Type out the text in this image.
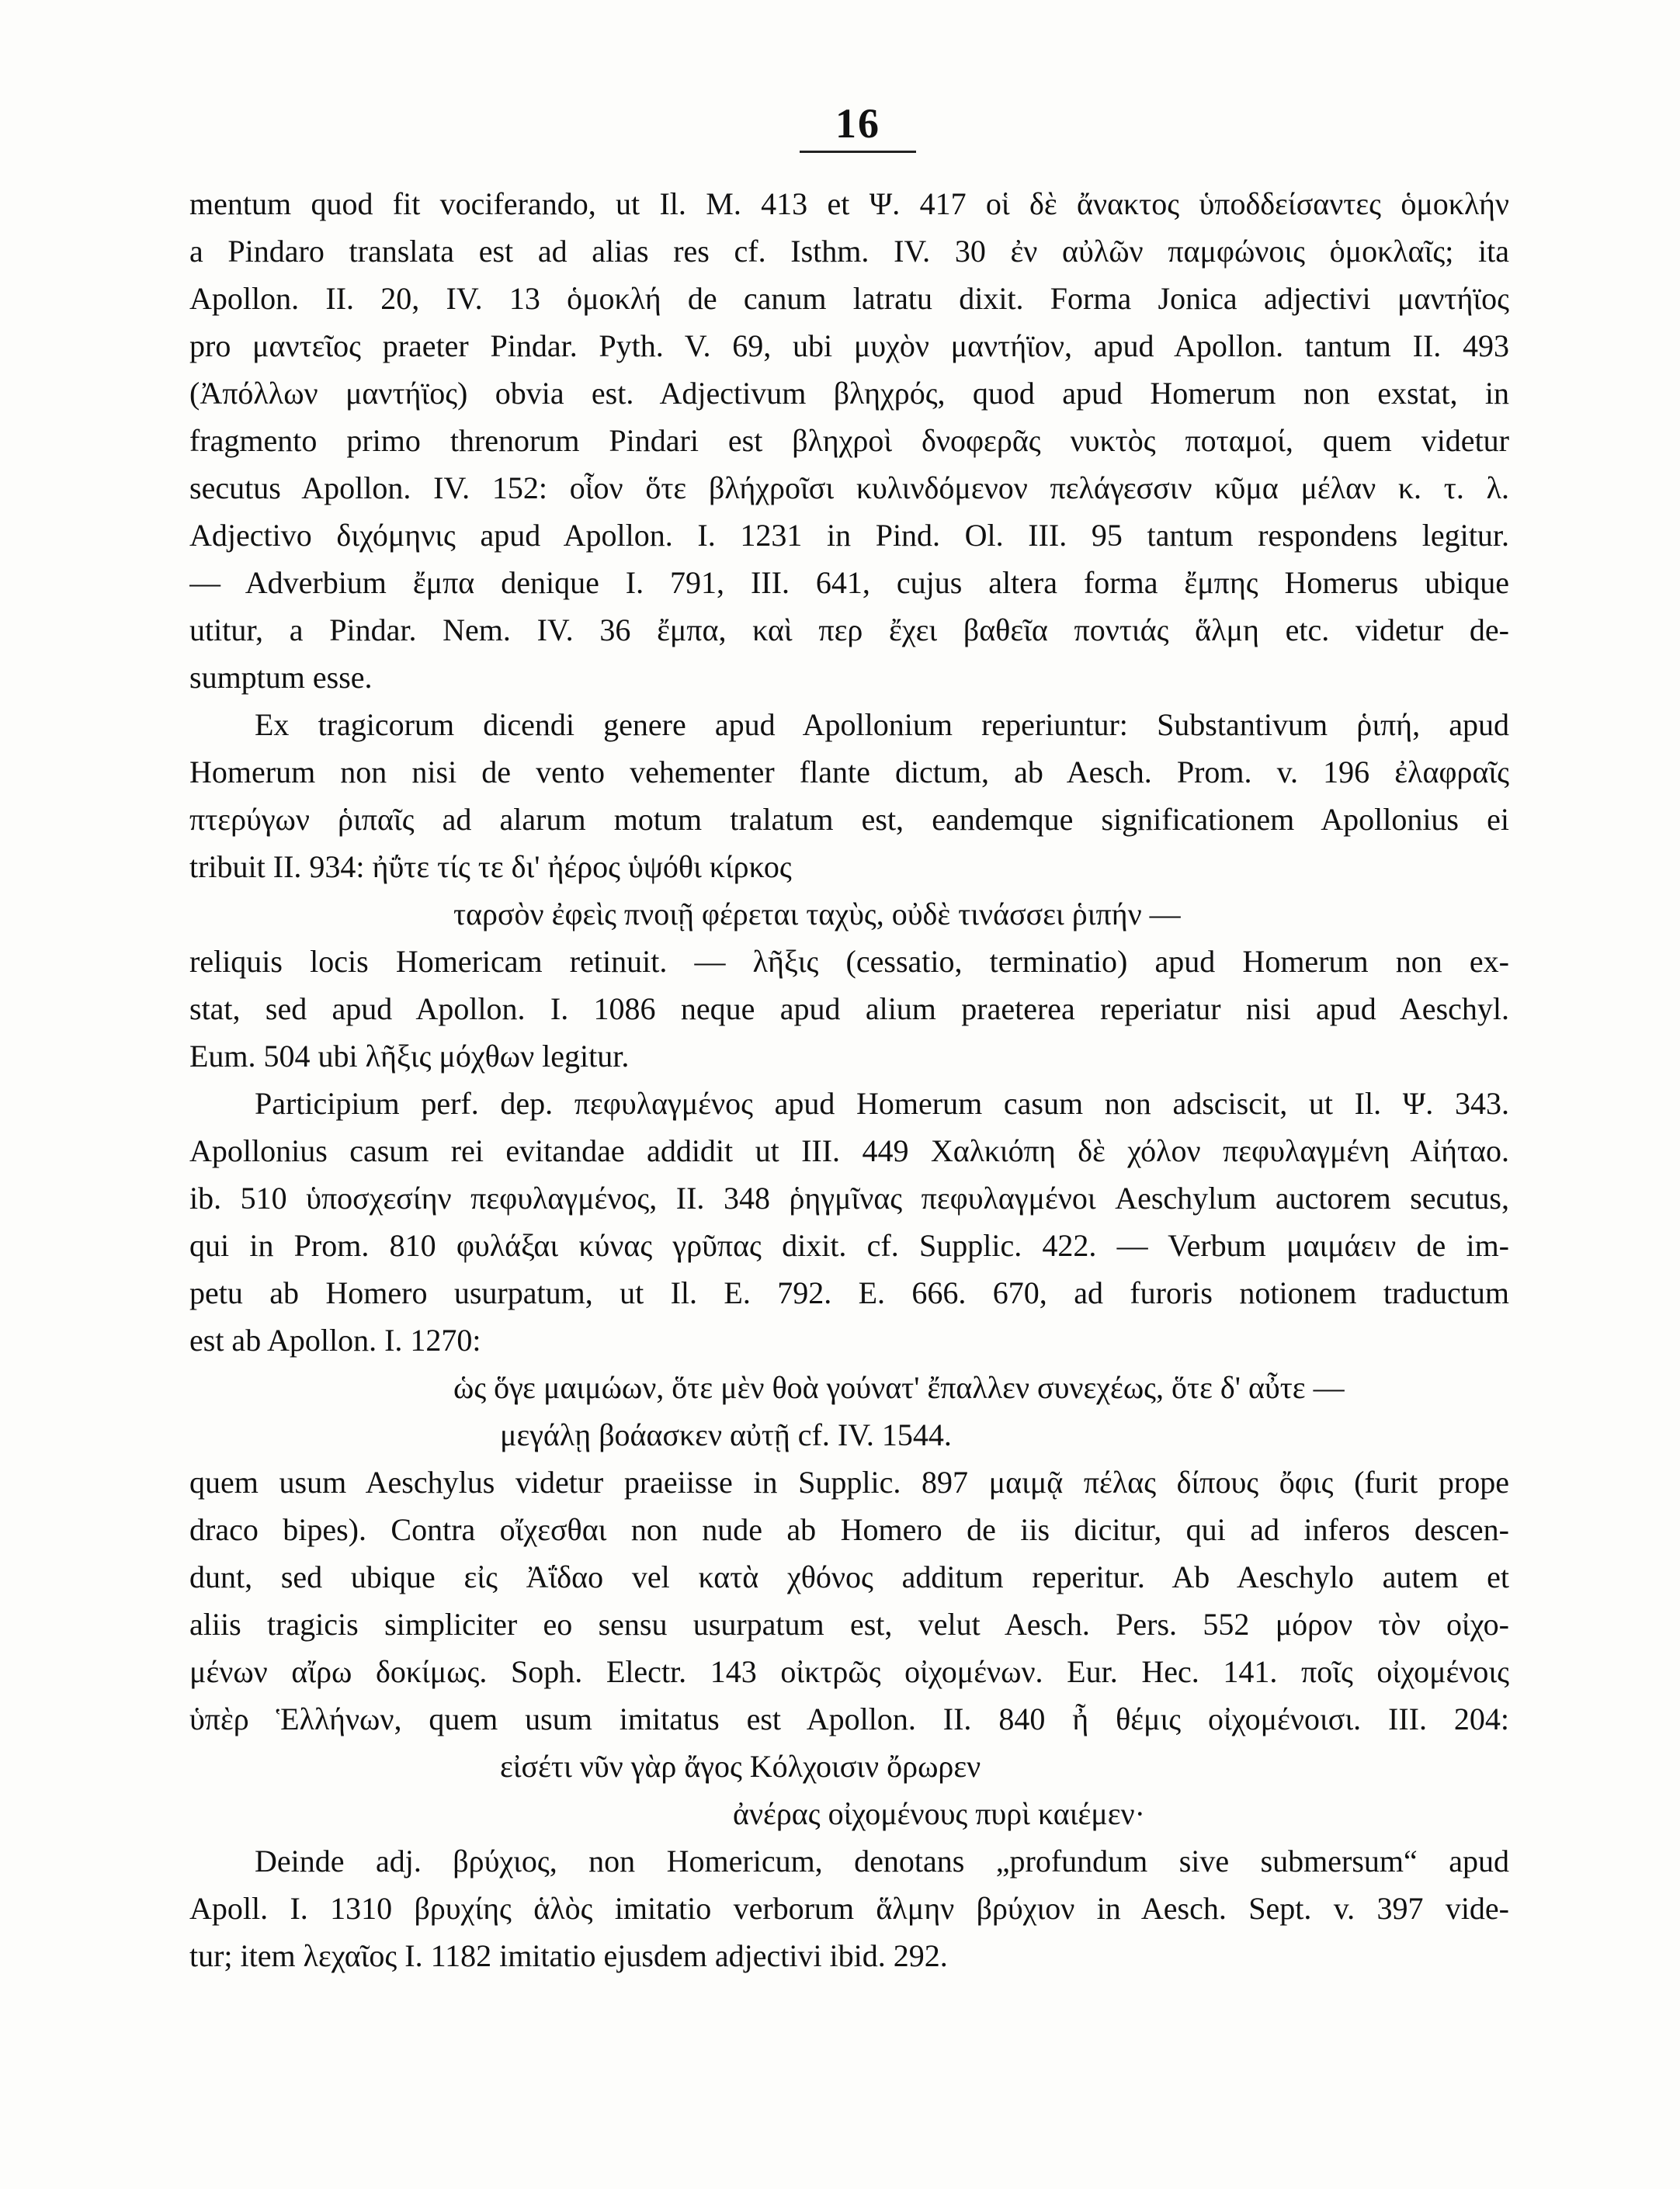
16
mentum quod fit vociferando, ut Il. M. 413 et Ψ. 417 οἱ δὲ ἄνακτος ὑποδδείσαντες ὁμοκλήν
a Pindaro translata est ad alias res cf. Isthm. IV. 30 ἐν αὐλῶν παμφώνοις ὁμοκλαῖς; ita
Apollon. II. 20, IV. 13 ὁμοκλή de canum latratu dixit. Forma Jonica adjectivi μαντήϊος
pro μαντεῖος praeter Pindar. Pyth. V. 69, ubi μυχὸν μαντήϊον, apud Apollon. tantum II. 493
(Ἀπόλλων μαντήϊος) obvia est. Adjectivum βληχρός, quod apud Homerum non exstat, in
fragmento primo threnorum Pindari est βληχροὶ δνοφερᾶς νυκτὸς ποταμοί, quem videtur
secutus Apollon. IV. 152: οἷον ὅτε βλήχροῖσι κυλινδόμενον πελάγεσσιν κῦμα μέλαν κ. τ. λ.
Adjectivo διχόμηνις apud Apollon. I. 1231 in Pind. Ol. III. 95 tantum respondens legitur.
— Adverbium ἔμπα denique I. 791, III. 641, cujus altera forma ἔμπης Homerus ubique
utitur, a Pindar. Nem. IV. 36 ἔμπα, καὶ περ ἔχει βαθεῖα ποντιάς ἅλμη etc. videtur de-
sumptum esse.
Ex tragicorum dicendi genere apud Apollonium reperiuntur: Substantivum ῥιπή, apud
Homerum non nisi de vento vehementer flante dictum, ab Aesch. Prom. v. 196 ἐλαφραῖς
πτερύγων ῥιπαῖς ad alarum motum tralatum est, eandemque significationem Apollonius ei
tribuit II. 934: ἠΰτε τίς τε δι' ἠέρος ὑψόθι κίρκος
ταρσὸν ἐφεὶς πνοιῇ φέρεται ταχὺς, οὐδὲ τινάσσει ῥιπήν —
reliquis locis Homericam retinuit. — λῆξις (cessatio, terminatio) apud Homerum non ex-
stat, sed apud Apollon. I. 1086 neque apud alium praeterea reperiatur nisi apud Aeschyl.
Eum. 504 ubi λῆξις μόχθων legitur.
Participium perf. dep. πεφυλαγμένος apud Homerum casum non adsciscit, ut Il. Ψ. 343.
Apollonius casum rei evitandae addidit ut III. 449 Χαλκιόπη δὲ χόλον πεφυλαγμένη Αἰήταο.
ib. 510 ὑποσχεσίην πεφυλαγμένος, II. 348 ῥηγμῖνας πεφυλαγμένοι Aeschylum auctorem secutus,
qui in Prom. 810 φυλάξαι κύνας γρῦπας dixit. cf. Supplic. 422. — Verbum μαιμάειν de im-
petu ab Homero usurpatum, ut Il. Ε. 792. Ε. 666. 670, ad furoris notionem traductum
est ab Apollon. I. 1270:
ὡς ὅγε μαιμώων, ὅτε μὲν θοὰ γούνατ' ἔπαλλεν συνεχέως, ὅτε δ' αὖτε —
μεγάλῃ βοάασκεν αὐτῇ cf. IV. 1544.
quem usum Aeschylus videtur praeiisse in Supplic. 897 μαιμᾷ πέλας δίπους ὄφις (furit prope
draco bipes). Contra οἴχεσθαι non nude ab Homero de iis dicitur, qui ad inferos descen-
dunt, sed ubique εἰς Ἀΐδαο vel κατὰ χθόνος additum reperitur. Ab Aeschylo autem et
aliis tragicis simpliciter eo sensu usurpatum est, velut Aesch. Pers. 552 μόρον τὸν οἰχο-
μένων αἴρω δοκίμως. Soph. Electr. 143 οἰκτρῶς οἰχομένων. Eur. Hec. 141. ποῖς οἰχομένοις
ὑπὲρ Ἑλλήνων, quem usum imitatus est Apollon. II. 840 ἦ θέμις οἰχομένοισι. III. 204:
εἰσέτι νῦν γὰρ ἄγος Κόλχοισιν ὄρωρεν
ἀνέρας οἰχομένους πυρὶ καιέμεν·
Deinde adj. βρύχιος, non Homericum, denotans „profundum sive submersum“ apud
Apoll. I. 1310 βρυχίης ἁλὸς imitatio verborum ἅλμην βρύχιον in Aesch. Sept. v. 397 vide-
tur; item λεχαῖος I. 1182 imitatio ejusdem adjectivi ibid. 292.
